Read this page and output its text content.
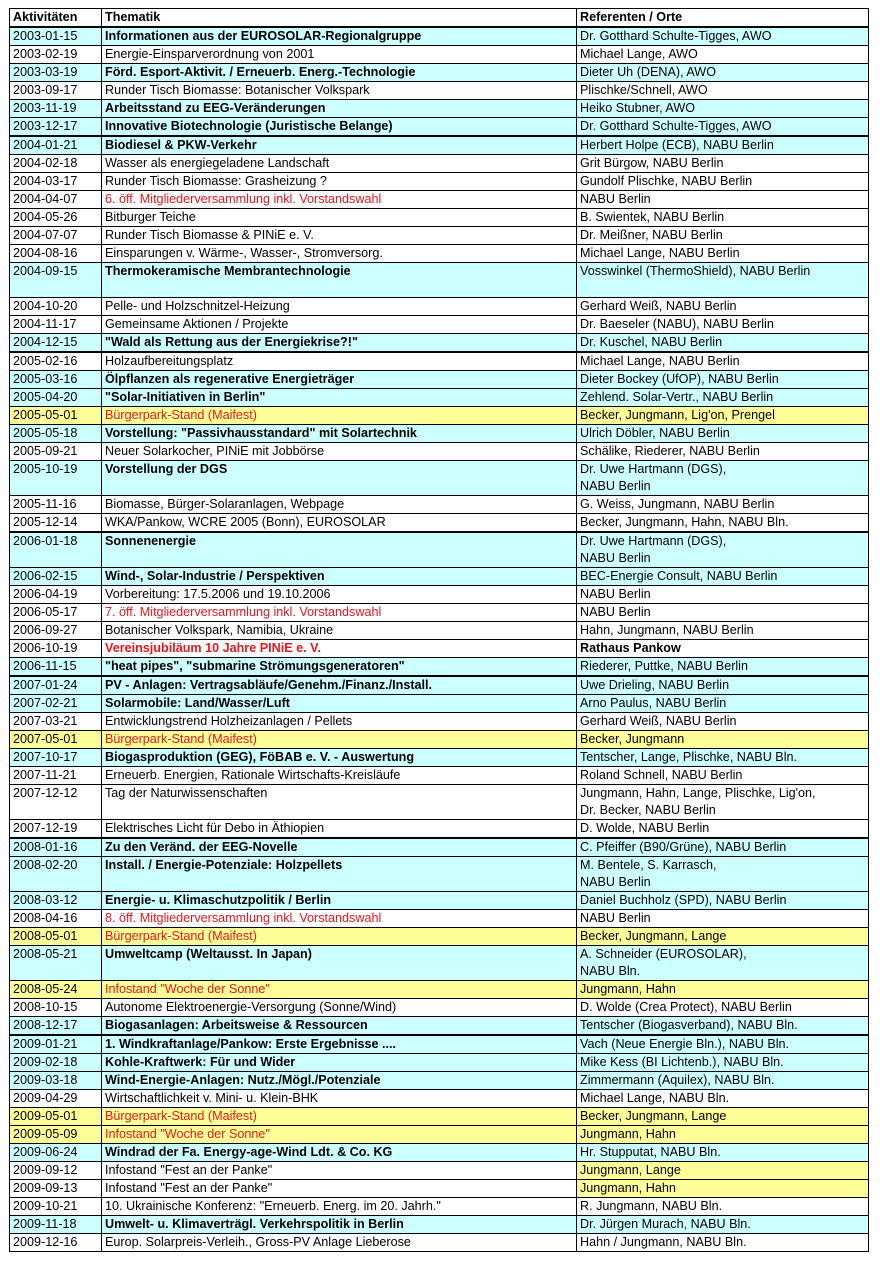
Aktivitäten	Thematik	Referenten / Orte
2003-01-15	Informationen aus der EUROSOLAR-Regionalgruppe	Dr. Gotthard Schulte-Tigges, AWO

2003-02-19	Energie-Einsparverordnung von 2001	Michael Lange, AWO

2003-03-19	Förd. Esport-Aktivit. / Erneuerb. Energ.-Technologie	Dieter Uh (DENA), AWO

2003-09-17	Runder Tisch Biomasse: Botanischer Volkspark	Plischke/Schnell, AWO

2003-11-19	Arbeitsstand zu EEG-Veränderungen	Heiko Stubner, AWO

2003-12-17	Innovative Biotechnologie (Juristische Belange)	Dr. Gotthard Schulte-Tigges, AWO

2004-01-21	Biodiesel & PKW-Verkehr	Herbert Holpe (ECB), NABU Berlin

2004-02-18	Wasser als energiegeladene Landschaft	Grit Bürgow, NABU Berlin

2004-03-17	Runder Tisch Biomasse: Grasheizung ?	Gundolf Plischke, NABU Berlin

2004-04-07	6. öff. Mitgliederversammlung inkl. Vorstandswahl	NABU Berlin

2004-05-26	Bitburger Teiche	B. Swientek, NABU Berlin

2004-07-07	Runder Tisch Biomasse & PINiE e. V.	Dr. Meißner, NABU Berlin

2004-08-16	Einsparungen v. Wärme-, Wasser-, Stromversorg.	Michael Lange, NABU Berlin

2004-09-15	Thermokeramische Membrantechnologie	Vosswinkel (ThermoShield), NABU Berlin

2004-10-20	Pelle- und Holzschnitzel-Heizung	Gerhard Weiß, NABU Berlin

2004-11-17	Gemeinsame Aktionen / Projekte	Dr. Baeseler (NABU), NABU Berlin

2004-12-15	"Wald als Rettung aus der Energiekrise?!"	Dr. Kuschel, NABU Berlin

2005-02-16	Holzaufbereitungsplatz	Michael Lange, NABU Berlin

2005-03-16	Ölpflanzen als regenerative Energieträger	Dieter Bockey (UfOP), NABU Berlin

2005-04-20	"Solar-Initiativen in Berlin"	Zehlend. Solar-Vertr., NABU Berlin

2005-05-01	Bürgerpark-Stand (Maifest)	Becker, Jungmann, Lig'on, Prengel

2005-05-18	Vorstellung: "Passivhausstandard" mit Solartechnik	Ulrich Döbler, NABU Berlin

2005-09-21	Neuer Solarkocher, PINiE mit Jobbörse	Schälike, Riederer, NABU Berlin

2005-10-19	Vorstellung der DGS	Dr. Uwe Hartmann (DGS),
NABU Berlin

2005-11-16	Biomasse, Bürger-Solaranlagen, Webpage	G. Weiss, Jungmann, NABU Berlin

2005-12-14	WKA/Pankow, WCRE 2005 (Bonn), EUROSOLAR	Becker, Jungmann, Hahn, NABU Bln.

2006-01-18	Sonnenenergie	Dr. Uwe Hartmann (DGS),
NABU Berlin

2006-02-15	Wind-, Solar-Industrie / Perspektiven	BEC-Energie Consult, NABU Berlin

2006-04-19	Vorbereitung: 17.5.2006 und 19.10.2006	NABU Berlin

2006-05-17	7. öff. Mitgliederversammlung inkl. Vorstandswahl	NABU Berlin

2006-09-27	Botanischer Volkspark, Namibia, Ukraine	Hahn, Jungmann, NABU Berlin

2006-10-19	Vereinsjubiläum 10 Jahre PINiE e. V.	Rathaus Pankow

2006-11-15	"heat pipes", "submarine Strömungsgeneratoren"	Riederer, Puttke, NABU Berlin

2007-01-24	PV - Anlagen: Vertragsabläufe/Genehm./Finanz./Install.	Uwe Drieling, NABU Berlin

2007-02-21	Solarmobile: Land/Wasser/Luft	Arno Paulus, NABU Berlin

2007-03-21	Entwicklungstrend Holzheizanlagen / Pellets	Gerhard Weiß, NABU Berlin

2007-05-01	Bürgerpark-Stand (Maifest)	Becker, Jungmann

2007-10-17	Biogasproduktion (GEG), FöBAB e. V. - Auswertung	Tentscher, Lange, Plischke, NABU Bln.

2007-11-21	Erneuerb. Energien, Rationale Wirtschafts-Kreisläufe	Roland Schnell, NABU Berlin

2007-12-12	Tag der Naturwissenschaften	Jungmann, Hahn, Lange, Plischke, Lig'on,
Dr. Becker, NABU Berlin

2007-12-19	Elektrisches Licht für Debo in Äthiopien	D. Wolde, NABU Berlin

2008-01-16	Zu den Veränd. der EEG-Novelle	C. Pfeiffer (B90/Grüne), NABU Berlin

2008-02-20	Install. / Energie-Potenziale: Holzpellets	M. Bentele, S. Karrasch,
NABU Berlin

2008-03-12	Energie- u. Klimaschutzpolitik / Berlin	Daniel Buchholz (SPD), NABU Berlin

2008-04-16	8. öff. Mitgliederversammlung inkl. Vorstandswahl	NABU Berlin

2008-05-01	Bürgerpark-Stand (Maifest)	Becker, Jungmann, Lange

2008-05-21	Umweltcamp (Weltausst. In Japan)	A. Schneider (EUROSOLAR),
NABU Bln.

2008-05-24	Infostand "Woche der Sonne"	Jungmann, Hahn

2008-10-15	Autonome Elektroenergie-Versorgung (Sonne/Wind)	D. Wolde (Crea Protect), NABU Berlin

2008-12-17	Biogasanlagen: Arbeitsweise & Ressourcen	Tentscher (Biogasverband), NABU Bln.

2009-01-21	1. Windkraftanlage/Pankow: Erste Ergebnisse ....	Vach (Neue Energie Bln.), NABU Bln.

2009-02-18	Kohle-Kraftwerk: Für und Wider	Mike Kess (BI Lichtenb.), NABU Bln.

2009-03-18	Wind-Energie-Anlagen: Nutz./Mögl./Potenziale	Zimmermann (Aquilex), NABU Bln.

2009-04-29	Wirtschaftlichkeit v. Mini- u. Klein-BHK	Michael Lange, NABU Bln.

2009-05-01	Bürgerpark-Stand (Maifest)	Becker, Jungmann, Lange

2009-05-09	Infostand "Woche der Sonne"	Jungmann, Hahn

2009-06-24	Windrad der Fa. Energy-age-Wind Ldt. & Co. KG	Hr. Stupputat, NABU Bln.

2009-09-12	Infostand "Fest an der Panke"	Jungmann, Lange

2009-09-13	Infostand "Fest an der Panke"	Jungmann, Hahn

2009-10-21	10. Ukrainische Konferenz: "Erneuerb. Energ. im 20. Jahrh."	R. Jungmann, NABU Bln.

2009-11-18	Umwelt- u. Klimaverträgl. Verkehrspolitik in Berlin	Dr. Jürgen Murach, NABU Bln.

2009-12-16	Europ. Solarpreis-Verleih., Gross-PV Anlage Lieberose	Hahn / Jungmann, NABU Bln.
